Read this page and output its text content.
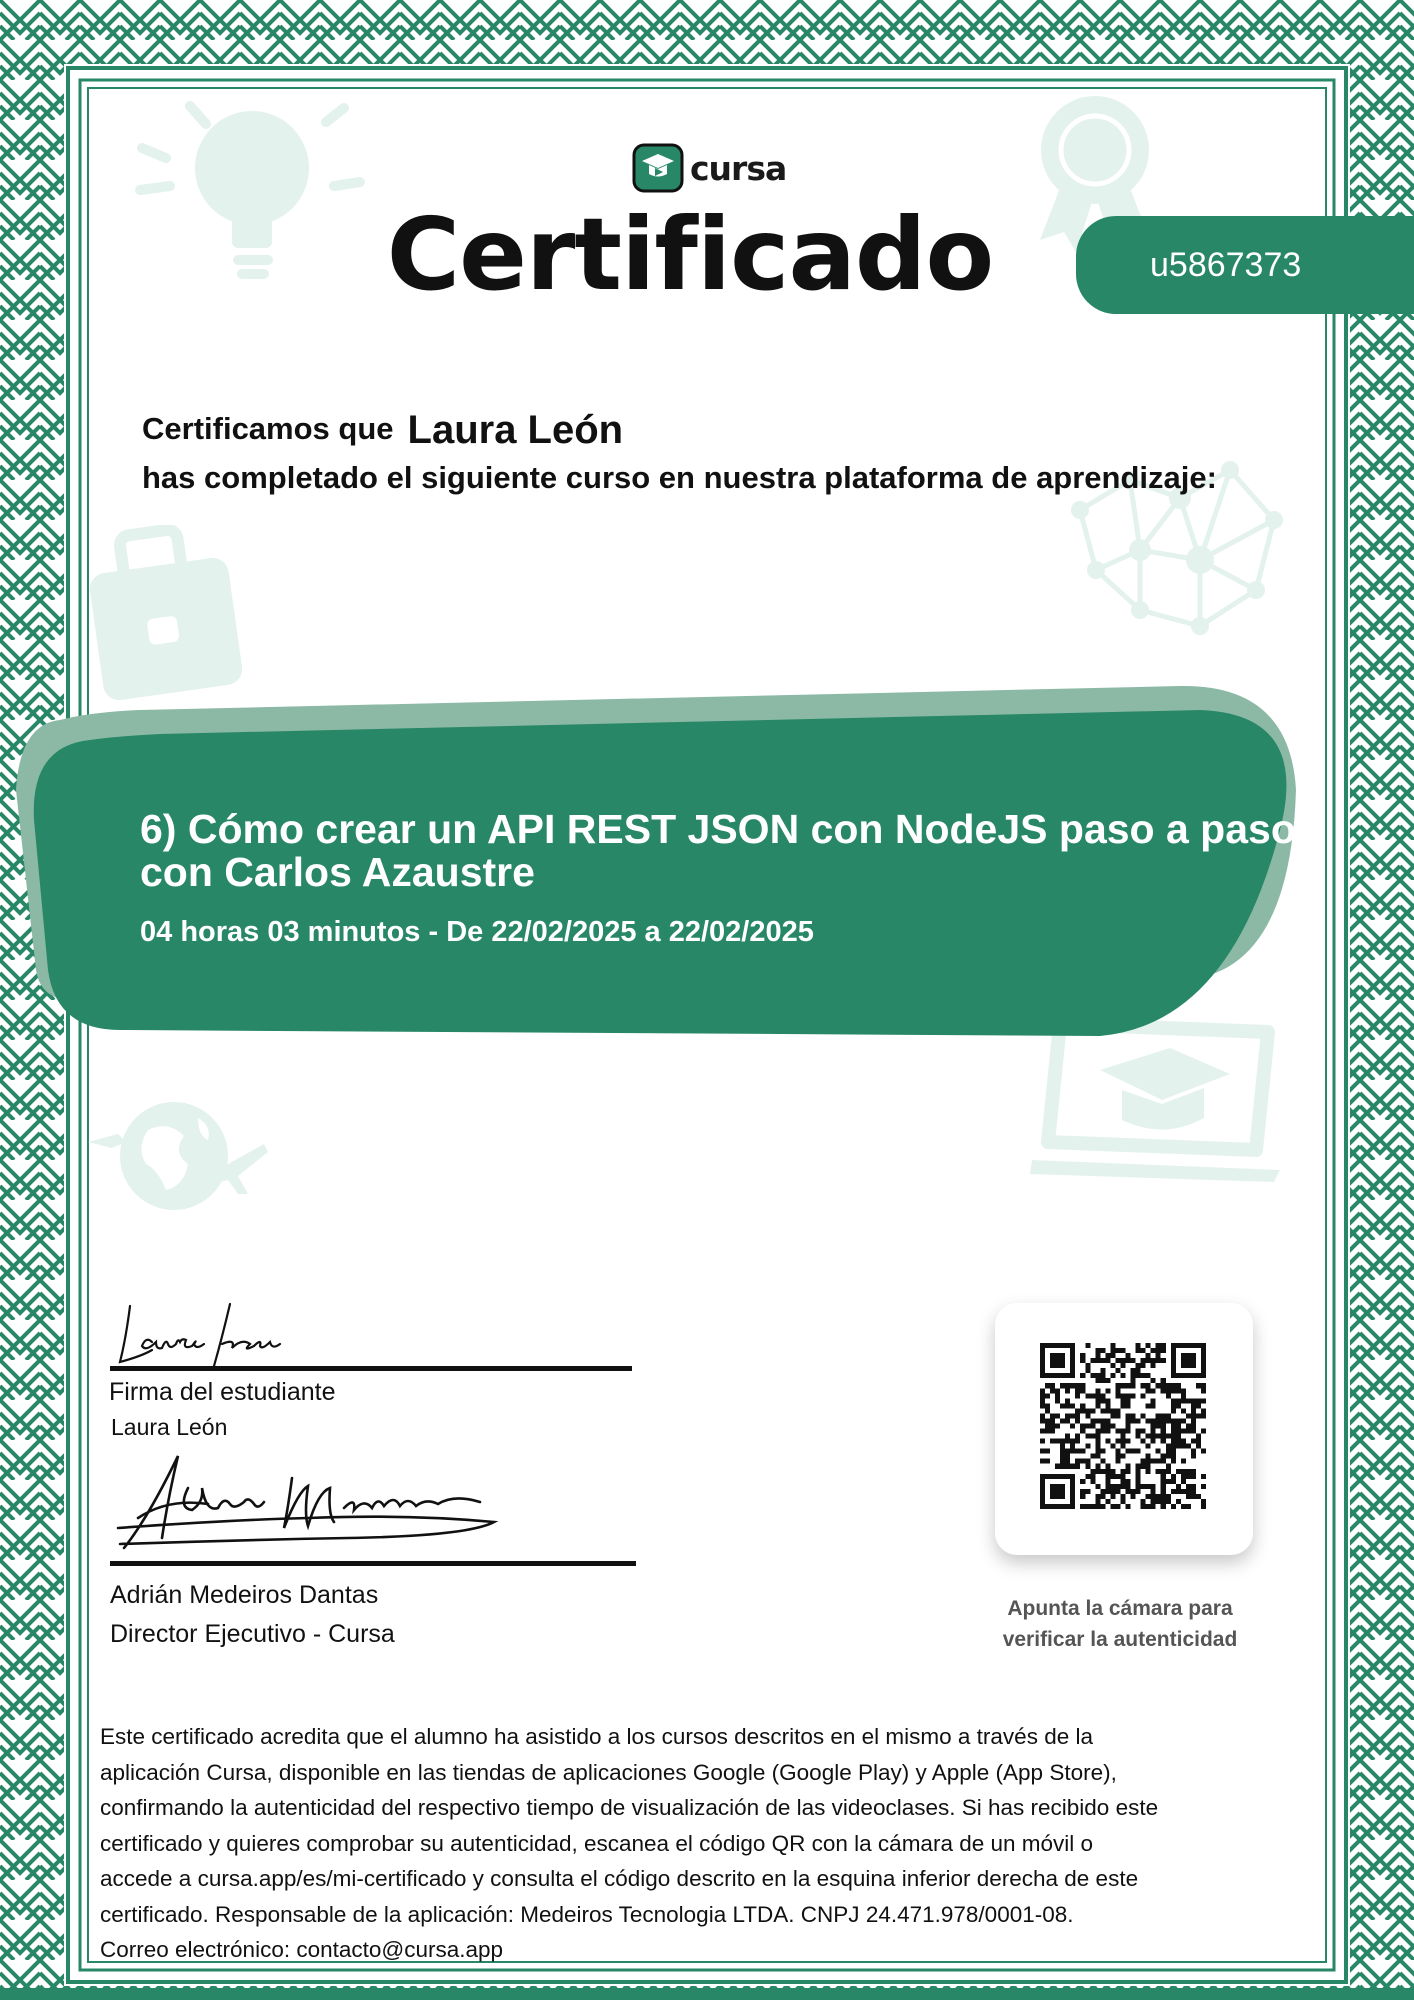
cursa
Certificado	u5867373
Certificamos que Laura León
has completado el siguiente curso en nuestra plataforma de aprendizaje:
6) Cómo crear un API REST JSON con NodeJS paso a paso con Carlos Azaustre
04 horas 03 minutos - De 22/02/2025 a 22/02/2025
Firma del estudiante
Laura León
Adrián Medeiros Dantas
Director Ejecutivo - Cursa
Apunta la cámara para
verificar la autenticidad
Este certificado acredita que el alumno ha asistido a los cursos descritos en el mismo a través de la
aplicación Cursa, disponible en las tiendas de aplicaciones Google (Google Play) y Apple (App Store),
confirmando la autenticidad del respectivo tiempo de visualización de las videoclases. Si has recibido este
certificado y quieres comprobar su autenticidad, escanea el código QR con la cámara de un móvil o
accede a cursa.app/es/mi-certificado y consulta el código descrito en la esquina inferior derecha de este
certificado. Responsable de la aplicación: Medeiros Tecnologia LTDA. CNPJ 24.471.978/0001-08.
Correo electrónico: contacto@cursa.app
